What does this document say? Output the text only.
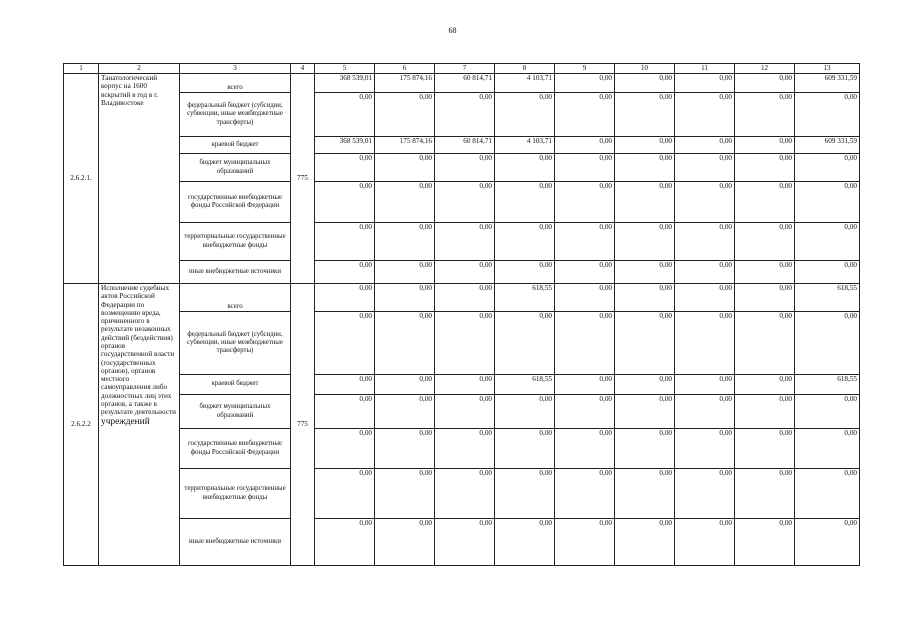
68
1	2	3	4	5	6	7	8	9	10	11	12	13
2.6.2.1.	Танатологический корпус на 1600 вскрытий в год в г. Владивостоке	всего	775	368 539,01	175 874,16	60 814,71	4 103,71	0,00	0,00	0,00	0,00	609 331,59
		федеральный бюджет (субсидии, субвенции, иные межбюджетные трансферты)		0,00	0,00	0,00	0,00	0,00	0,00	0,00	0,00	0,00
		краевой бюджет		368 539,01	175 874,16	60 814,71	4 103,71	0,00	0,00	0,00	0,00	609 331,59
		бюджет муниципальных образований		0,00	0,00	0,00	0,00	0,00	0,00	0,00	0,00	0,00
		государственные внебюджетные фонды Российской Федерации		0,00	0,00	0,00	0,00	0,00	0,00	0,00	0,00	0,00
		территориальные государственные внебюджетные фонды		0,00	0,00	0,00	0,00	0,00	0,00	0,00	0,00	0,00
		иные внебюджетные источники		0,00	0,00	0,00	0,00	0,00	0,00	0,00	0,00	0,00
2.6.2.2	Исполнение судебных актов Российской Федерации по возмещению вреда, причиненного в результате незаконных действий (бездействия) органов государственной власти (государственных органов), органов местного самоуправления либо должностных лиц этих органов, а также в результате деятельности учреждений	всего	775	0,00	0,00	0,00	618,55	0,00	0,00	0,00	0,00	618,55
		федеральный бюджет (субсидии, субвенции, иные межбюджетные трансферты)		0,00	0,00	0,00	0,00	0,00	0,00	0,00	0,00	0,00
		краевой бюджет		0,00	0,00	0,00	618,55	0,00	0,00	0,00	0,00	618,55
		бюджет муниципальных образований		0,00	0,00	0,00	0,00	0,00	0,00	0,00	0,00	0,00
		государственные внебюджетные фонды Российской Федерации		0,00	0,00	0,00	0,00	0,00	0,00	0,00	0,00	0,00
		территориальные государственные внебюджетные фонды		0,00	0,00	0,00	0,00	0,00	0,00	0,00	0,00	0,00
		иные внебюджетные источники		0,00	0,00	0,00	0,00	0,00	0,00	0,00	0,00	0,00
